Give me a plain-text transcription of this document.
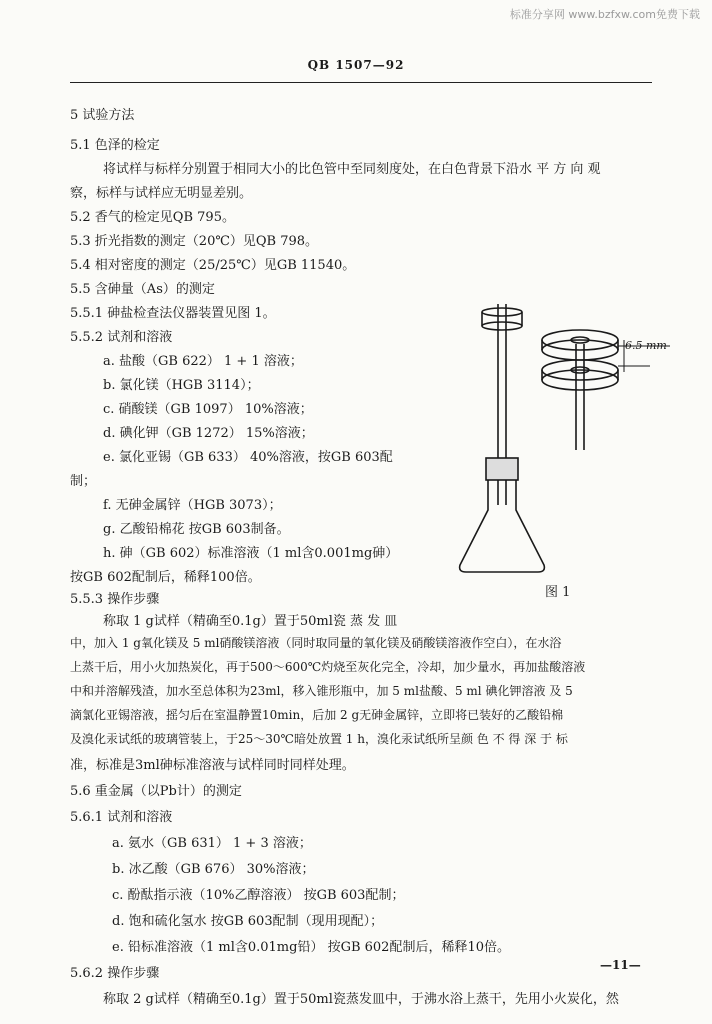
标准分享网 www.bzfxw.com免费下载
QB 1507—92
5 试验方法
5.1 色泽的检定
将试样与标样分别置于相同大小的比色管中至同刻度处，在白色背景下沿水 平 方 向 观
察，标样与试样应无明显差别。
5.2 香气的检定见QB 795。
5.3 折光指数的测定（20℃）见QB 798。
5.4 相对密度的测定（25/25℃）见GB 11540。
5.5 含砷量（As）的测定
5.5.1 砷盐检查法仪器装置见图 1。
5.5.2 试剂和溶液
a. 盐酸（GB 622） 1 + 1 溶液；
b. 氯化镁（HGB 3114）；
c. 硝酸镁（GB 1097） 10%溶液；
d. 碘化钾（GB 1272） 15%溶液；
e. 氯化亚锡（GB 633） 40%溶液，按GB 603配
制；
f. 无砷金属锌（HGB 3073）；
g. 乙酸铅棉花 按GB 603制备。
h. 砷（GB 602）标准溶液（1 ml含0.001mg砷）
按GB 602配制后，稀释100倍。
5.5.3 操作步骤
称取 1 g试样（精确至0.1g）置于50ml瓷 蒸 发 皿
中，加入 1 g氧化镁及 5 ml硝酸镁溶液（同时取同量的氧化镁及硝酸镁溶液作空白），在水浴
上蒸干后，用小火加热炭化，再于500～600℃灼烧至灰化完全，冷却，加少量水，再加盐酸溶液
中和并溶解残渣，加水至总体积为23ml，移入锥形瓶中，加 5 ml盐酸、5 ml 碘化钾溶液 及 5
滴氯化亚锡溶液，摇匀后在室温静置10min，后加 2 g无砷金属锌，立即将已装好的乙酸铅棉
及溴化汞试纸的玻璃管装上，于25～30℃暗处放置 1 h，溴化汞试纸所呈颜 色 不 得 深 于 标
准，标准是3ml砷标准溶液与试样同时同样处理。
5.6 重金属（以Pb计）的测定
5.6.1 试剂和溶液
a. 氨水（GB 631） 1 + 3 溶液；
b. 冰乙酸（GB 676） 30%溶液；
c. 酚酞指示液（10%乙醇溶液） 按GB 603配制；
d. 饱和硫化氢水 按GB 603配制（现用现配）；
e. 铅标准溶液（1 ml含0.01mg铅） 按GB 602配制后，稀释10倍。
5.6.2 操作步骤
称取 2 g试样（精确至0.1g）置于50ml瓷蒸发皿中，于沸水浴上蒸干，先用小火炭化，然
6.5 mm
图 1
—11—
